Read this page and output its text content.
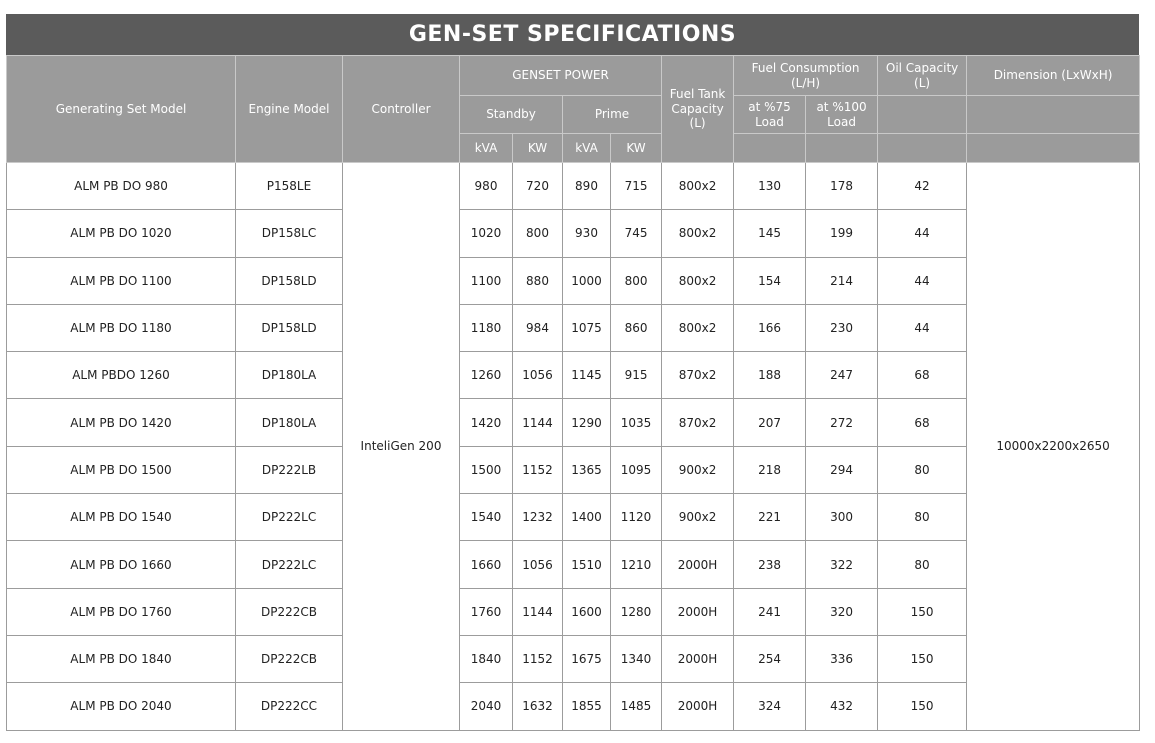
GEN-SET SPECIFICATIONS
Generating Set Model	Engine Model	Controller	GENSET POWER				Fuel Tank Capacity (L)	Fuel Consumption (L/H)		Oil Capacity (L)	Dimension (LxWxH)
			Standby		Prime			at %75 Load	at %100 Load		
			kVA	KW	kVA	KW					
ALM PB DO 980	P158LE	InteliGen 200	980	720	890	715	800x2	130	178	42	10000x2200x2650
ALM PB DO 1020	DP158LC		1020	800	930	745	800x2	145	199	44	
ALM PB DO 1100	DP158LD		1100	880	1000	800	800x2	154	214	44	
ALM PB DO 1180	DP158LD		1180	984	1075	860	800x2	166	230	44	
ALM PBDO 1260	DP180LA		1260	1056	1145	915	870x2	188	247	68	
ALM PB DO 1420	DP180LA		1420	1144	1290	1035	870x2	207	272	68	
ALM PB DO 1500	DP222LB		1500	1152	1365	1095	900x2	218	294	80	
ALM PB DO 1540	DP222LC		1540	1232	1400	1120	900x2	221	300	80	
ALM PB DO 1660	DP222LC		1660	1056	1510	1210	2000H	238	322	80	
ALM PB DO 1760	DP222CB		1760	1144	1600	1280	2000H	241	320	150	
ALM PB DO 1840	DP222CB		1840	1152	1675	1340	2000H	254	336	150	
ALM PB DO 2040	DP222CC		2040	1632	1855	1485	2000H	324	432	150	
